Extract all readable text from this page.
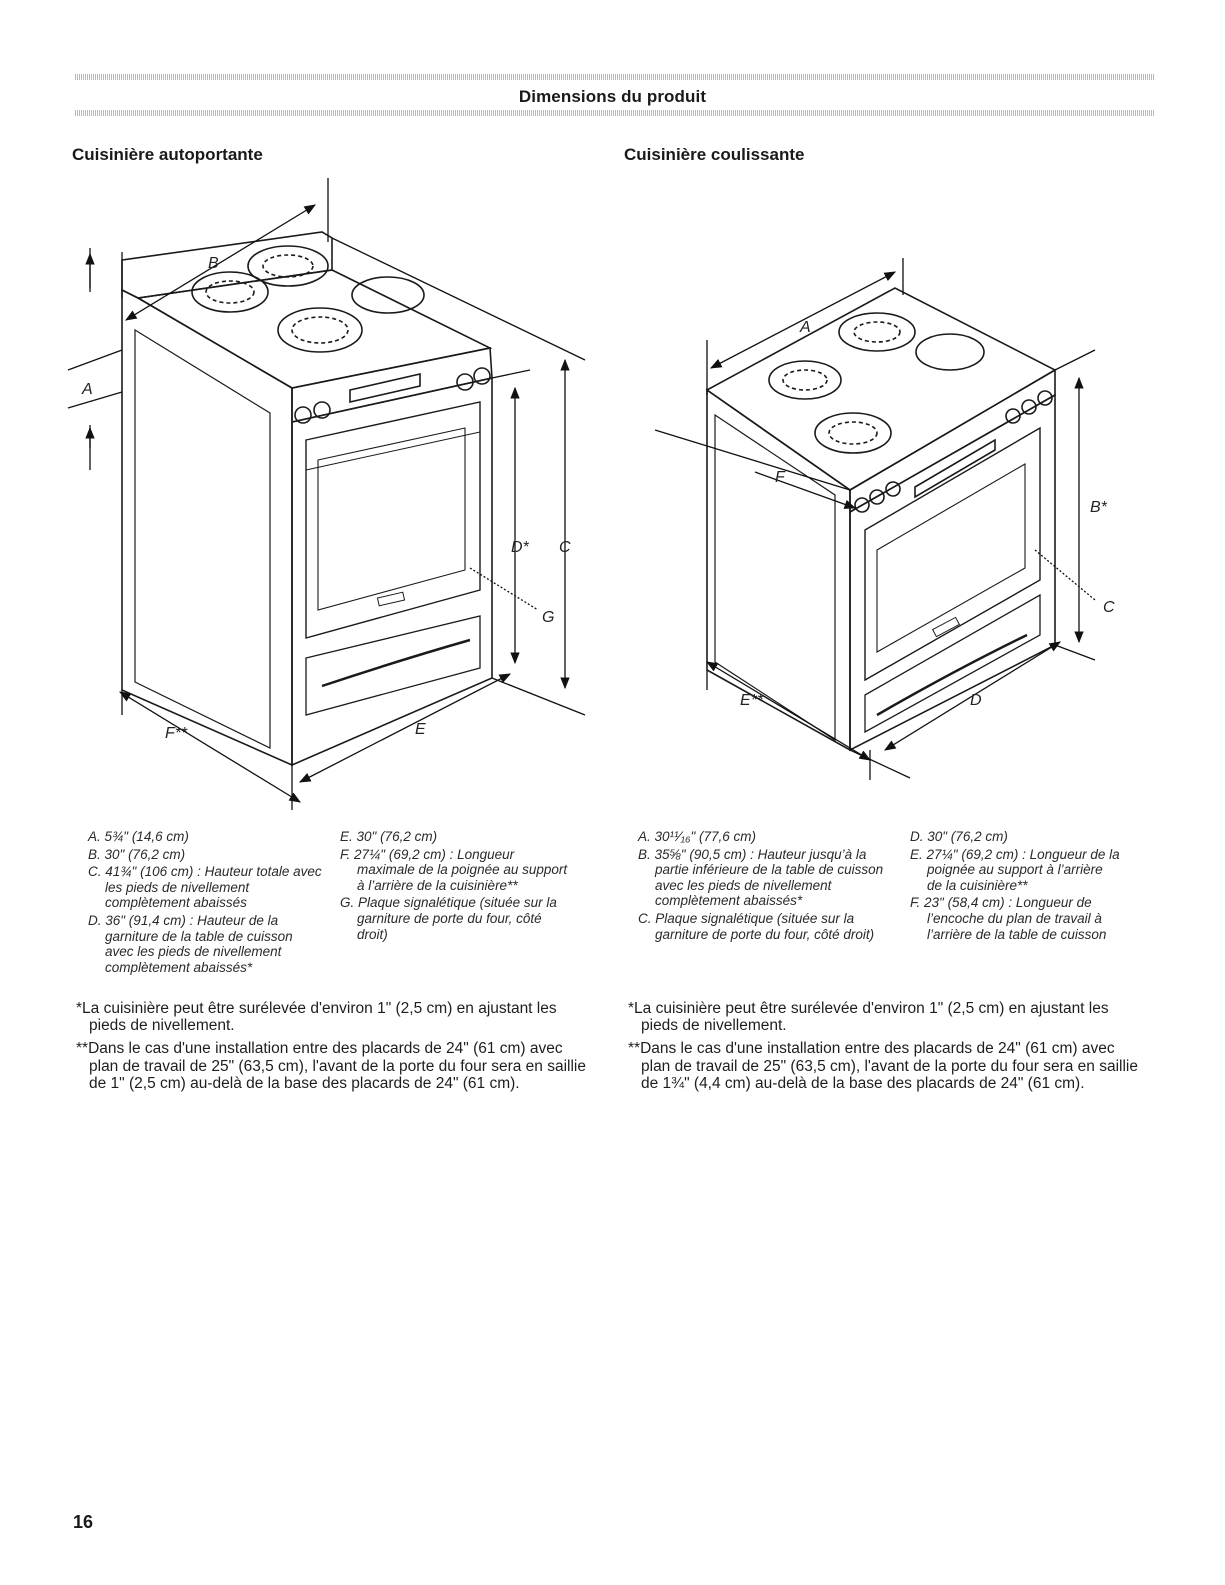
Dimensions du produit
Cuisinière autoportante	Cuisinière coulissante
B
A
D* C
G
E
F**
A
F
B*
C
E**	D
A. 5¾" (14,6 cm)
B. 30" (76,2 cm)
C. 41¾" (106 cm) : Hauteur totale avec les pieds de nivellement complètement abaissés
D. 36" (91,4 cm) : Hauteur de la garniture de la table de cuisson avec les pieds de nivellement complètement abaissés*
E. 30" (76,2 cm)
F. 27¼" (69,2 cm) : Longueur maximale de la poignée au support à l’arrière de la cuisinière**
G. Plaque signalétique (située sur la garniture de porte du four, côté droit)
A. 30¹¹⁄₁₆" (77,6 cm)
B. 35⅝" (90,5 cm) : Hauteur jusqu’à la partie inférieure de la table de cuisson avec les pieds de nivellement complètement abaissés*
C. Plaque signalétique (située sur la garniture de porte du four, côté droit)
D. 30" (76,2 cm)
E. 27¼" (69,2 cm) : Longueur de la poignée au support à l’arrière de la cuisinière**
F. 23" (58,4 cm) : Longueur de l’encoche du plan de travail à l’arrière de la table de cuisson
*La cuisinière peut être surélevée d'environ 1" (2,5 cm) en ajustant les pieds de nivellement.
**Dans le cas d'une installation entre des placards de 24" (61 cm) avec plan de travail de 25" (63,5 cm), l'avant de la porte du four sera en saillie de 1" (2,5 cm) au-delà de la base des placards de 24" (61 cm).
*La cuisinière peut être surélevée d'environ 1" (2,5 cm) en ajustant les pieds de nivellement.
**Dans le cas d'une installation entre des placards de 24" (61 cm) avec plan de travail de 25" (63,5 cm), l'avant de la porte du four sera en saillie de 1¾" (4,4 cm) au-delà de la base des placards de 24" (61 cm).
16
